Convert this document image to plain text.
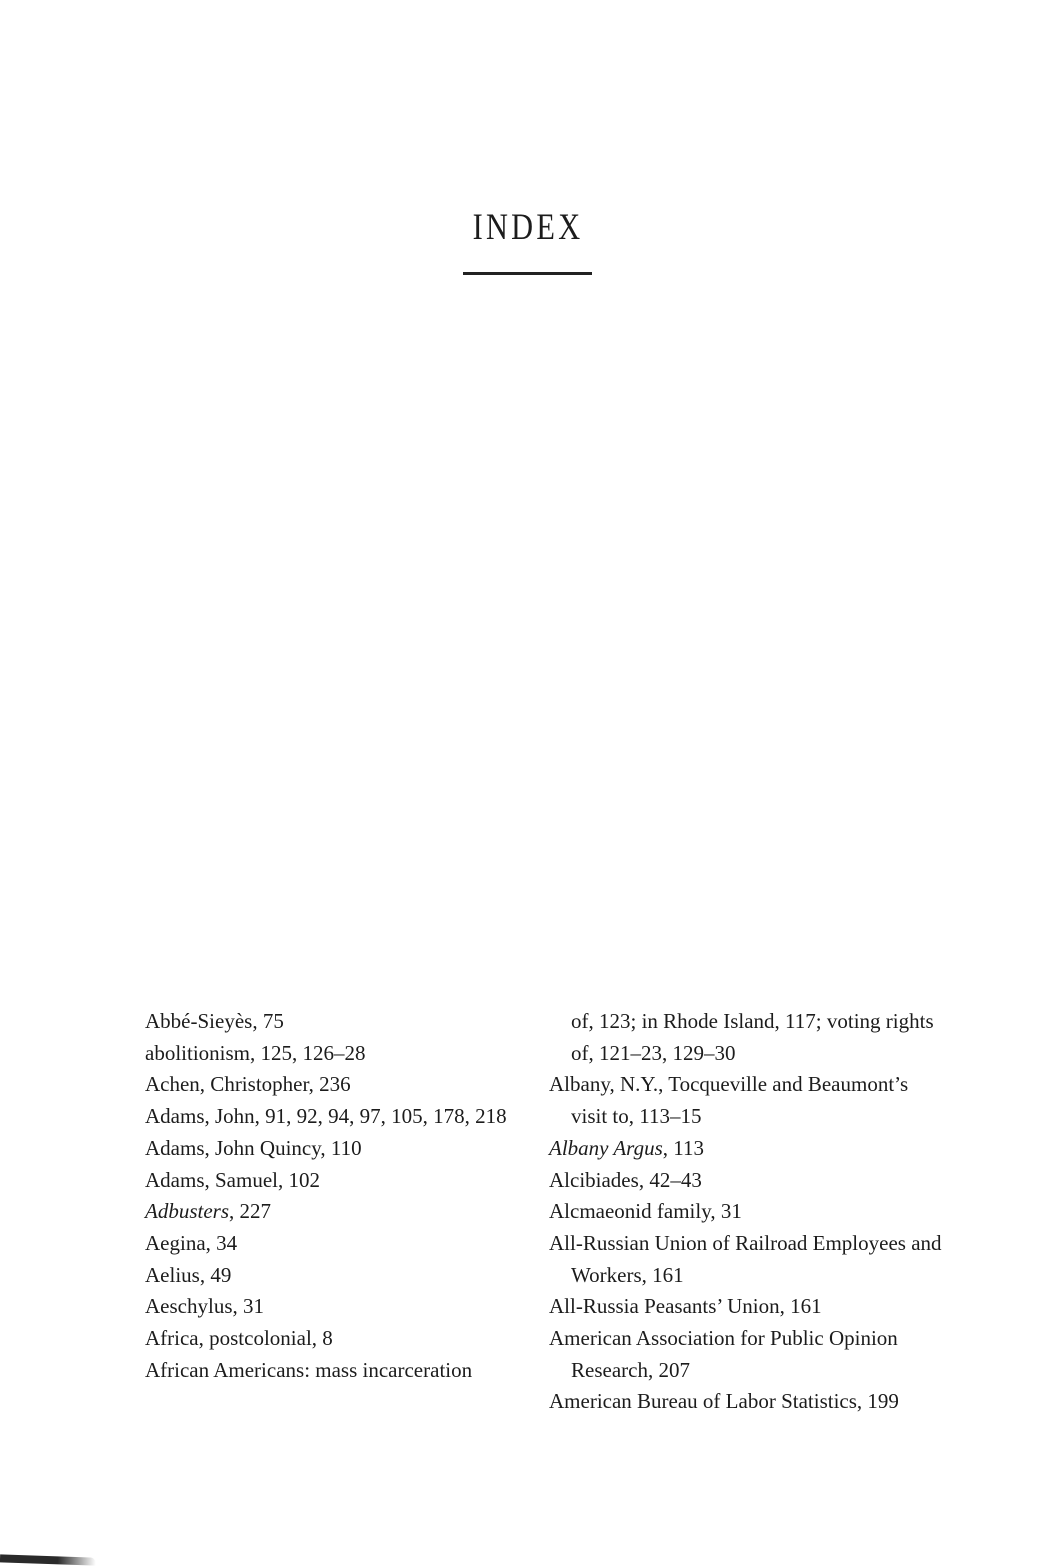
INDEX
Abbé-Sieyès, 75
abolitionism, 125, 126–28
Achen, Christopher, 236
Adams, John, 91, 92, 94, 97, 105, 178, 218
Adams, John Quincy, 110
Adams, Samuel, 102
Adbusters, 227
Aegina, 34
Aelius, 49
Aeschylus, 31
Africa, postcolonial, 8
African Americans: mass incarceration
of, 123; in Rhode Island, 117; voting rights of, 121–23, 129–30
Albany, N.Y., Tocqueville and Beaumont’s visit to, 113–15
Albany Argus, 113
Alcibiades, 42–43
Alcmaeonid family, 31
All-Russian Union of Railroad Employees and Workers, 161
All-Russia Peasants’ Union, 161
American Association for Public Opinion Research, 207
American Bureau of Labor Statistics, 199
